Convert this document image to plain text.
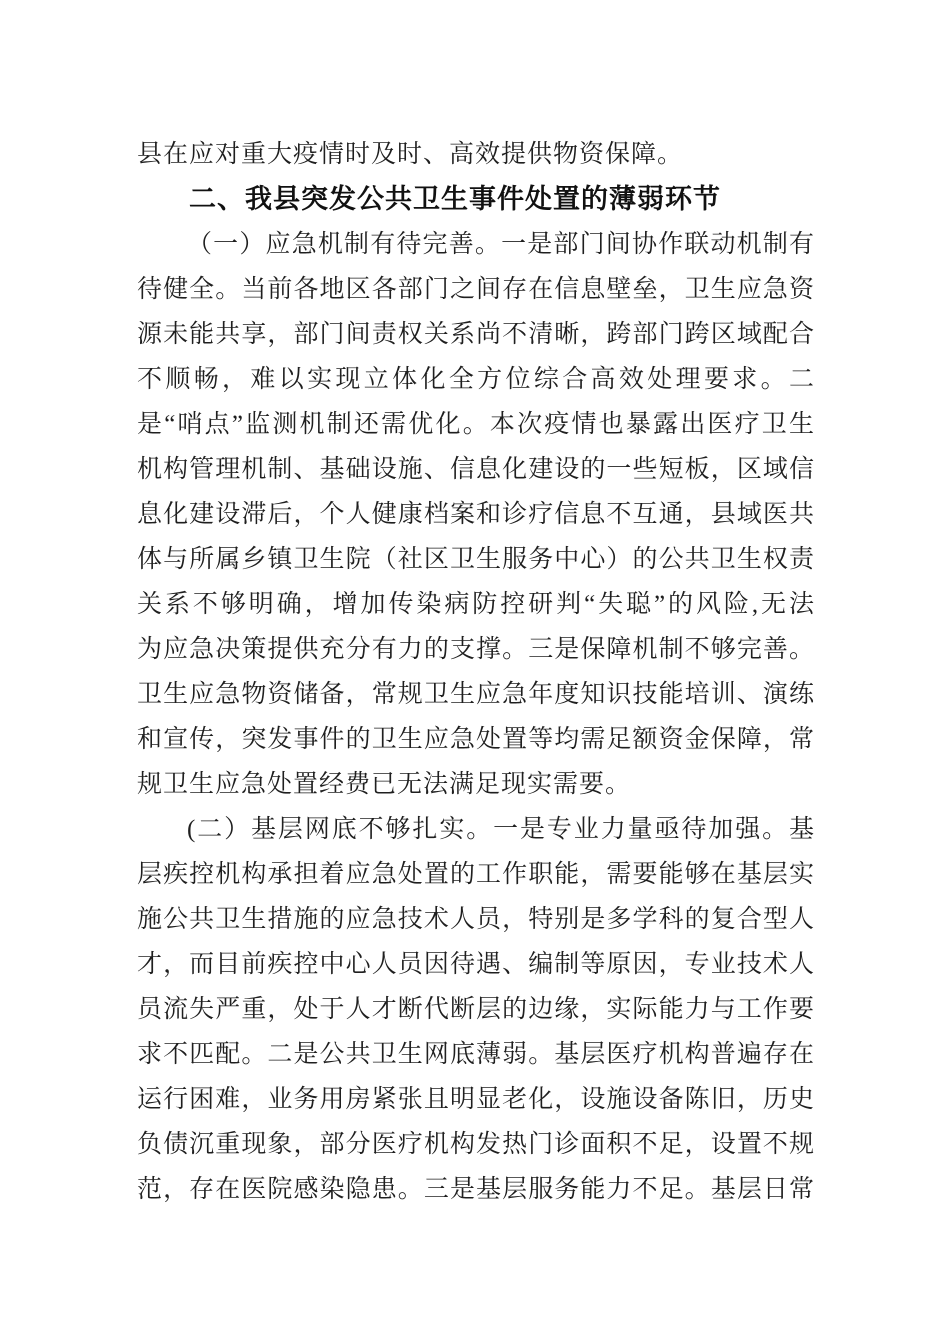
县在应对重大疫情时及时、高效提供物资保障。
二、我县突发公共卫生事件处置的薄弱环节
（一）应急机制有待完善。一是部门间协作联动机制有
待健全。当前各地区各部门之间存在信息壁垒，卫生应急资
源未能共享，部门间责权关系尚不清晰，跨部门跨区域配合
不顺畅，难以实现立体化全方位综合高效处理要求。二
是“哨点”监测机制还需优化。本次疫情也暴露出医疗卫生
机构管理机制、基础设施、信息化建设的一些短板，区域信
息化建设滞后，个人健康档案和诊疗信息不互通，县域医共
体与所属乡镇卫生院（社区卫生服务中心）的公共卫生权责
关系不够明确，增加传染病防控研判“失聪”的风险,无法
为应急决策提供充分有力的支撑。三是保障机制不够完善。
卫生应急物资储备，常规卫生应急年度知识技能培训、演练
和宣传，突发事件的卫生应急处置等均需足额资金保障，常
规卫生应急处置经费已无法满足现实需要。
(二）基层网底不够扎实。一是专业力量亟待加强。基
层疾控机构承担着应急处置的工作职能，需要能够在基层实
施公共卫生措施的应急技术人员，特别是多学科的复合型人
才，而目前疾控中心人员因待遇、编制等原因，专业技术人
员流失严重，处于人才断代断层的边缘，实际能力与工作要
求不匹配。二是公共卫生网底薄弱。基层医疗机构普遍存在
运行困难，业务用房紧张且明显老化，设施设备陈旧，历史
负债沉重现象，部分医疗机构发热门诊面积不足，设置不规
范，存在医院感染隐患。三是基层服务能力不足。基层日常
